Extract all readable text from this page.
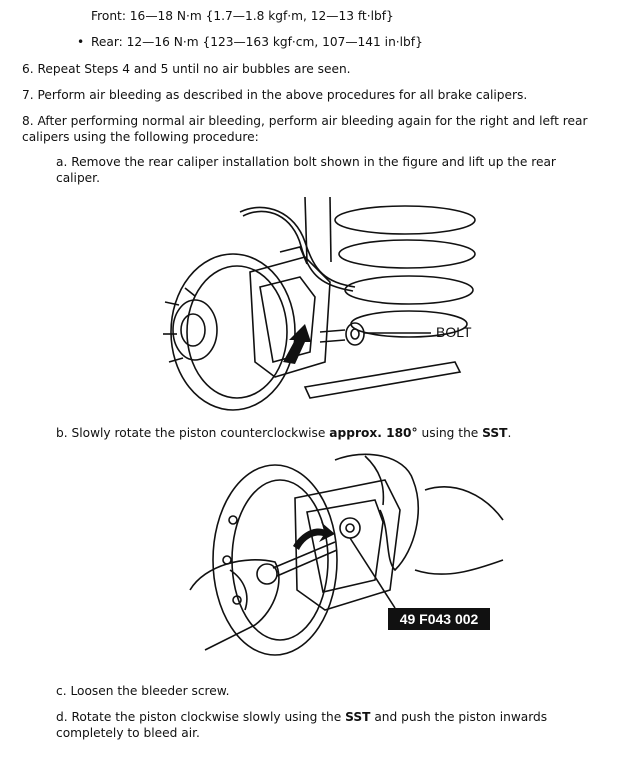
Front: 16—18 N·m {1.7—1.8 kgf·m, 12—13 ft·lbf}
• Rear: 12—16 N·m {123—163 kgf·cm, 107—141 in·lbf}
6. Repeat Steps 4 and 5 until no air bubbles are seen.
7. Perform air bleeding as described in the above procedures for all brake calipers.
8. After performing normal air bleeding, perform air bleeding again for the right and left rear calipers using the following procedure:
a. Remove the rear caliper installation bolt shown in the figure and lift up the rear caliper.
BOLT
b. Slowly rotate the piston counterclockwise approx. 180° using the SST.
49 F043 002
c. Loosen the bleeder screw.
d. Rotate the piston clockwise slowly using the SST and push the piston inwards completely to bleed air.
